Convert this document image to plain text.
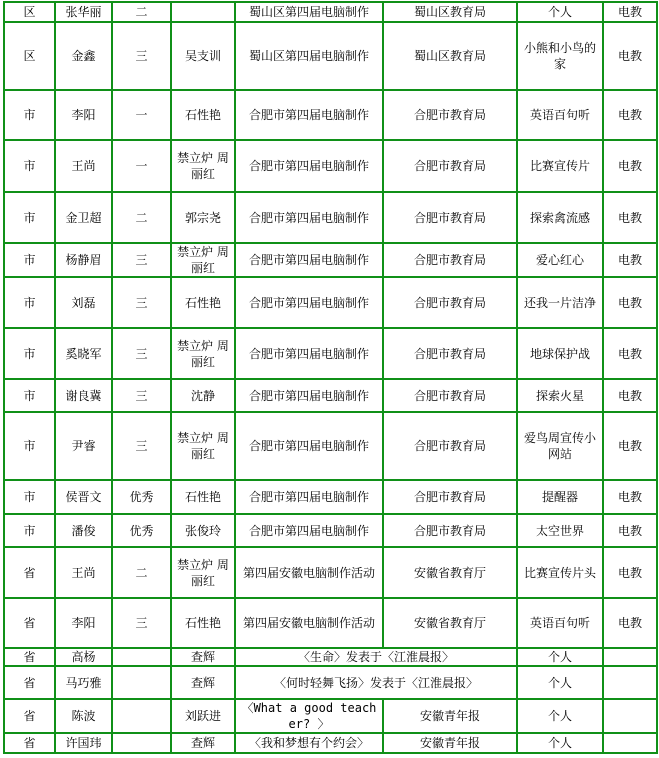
区	张华丽	二		蜀山区第四届电脑制作	蜀山区教育局	个人	电教
区	金鑫	三	吴支训	蜀山区第四届电脑制作	蜀山区教育局	小熊和小鸟的家	电教
市	李阳	一	石性艳	合肥市第四届电脑制作	合肥市教育局	英语百句听	电教
市	王尚	一	禁立炉 周丽红	合肥市第四届电脑制作	合肥市教育局	比赛宣传片	电教
市	金卫超	二	郭宗尧	合肥市第四届电脑制作	合肥市教育局	探索禽流感	电教
市	杨静眉	三	禁立炉 周丽红	合肥市第四届电脑制作	合肥市教育局	爱心红心	电教
市	刘磊	三	石性艳	合肥市第四届电脑制作	合肥市教育局	还我一片洁净	电教
市	奚晓军	三	禁立炉 周丽红	合肥市第四届电脑制作	合肥市教育局	地球保护战	电教
市	谢良冀	三	沈静	合肥市第四届电脑制作	合肥市教育局	探索火星	电教
市	尹睿	三	禁立炉 周丽红	合肥市第四届电脑制作	合肥市教育局	爱鸟周宣传小网站	电教
市	侯晋文	优秀	石性艳	合肥市第四届电脑制作	合肥市教育局	提醒器	电教
市	潘俊	优秀	张俊玲	合肥市第四届电脑制作	合肥市教育局	太空世界	电教
省	王尚	二	禁立炉 周丽红	第四届安徽电脑制作活动	安徽省教育厅	比赛宣传片头	电教
省	李阳	三	石性艳	第四届安徽电脑制作活动	安徽省教育厅	英语百句听	电教
省	高杨		查辉	〈生命〉发表于〈江淮晨报〉		个人	
省	马巧雅		查辉	〈何时轻舞飞扬〉发表于〈江淮晨报〉		个人	
省	陈波		刘跃进	〈What a good teacher? 〉	安徽青年报	个人	
省	许国玮		查辉	〈我和梦想有个约会〉	安徽青年报	个人	
